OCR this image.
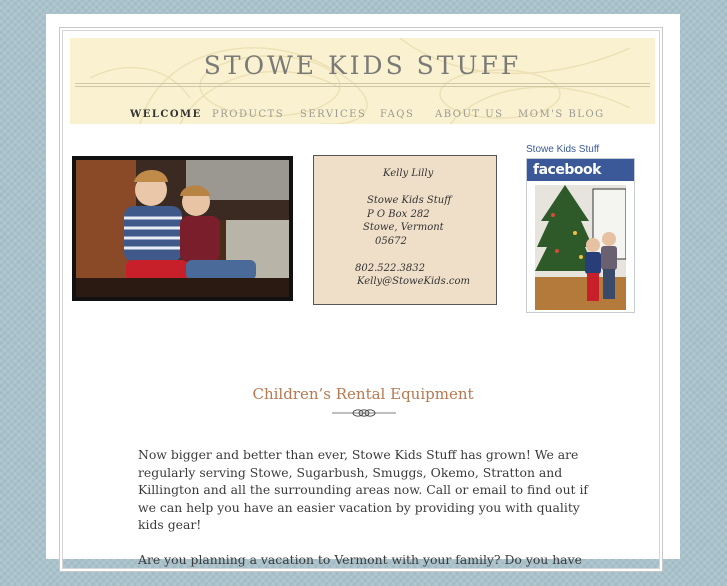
STOWE KIDS STUFF
WELCOME PRODUCTS SERVICES FAQS ABOUT US MOM'S BLOG
Kelly Lilly
Stowe Kids Stuff
P O Box 282
Stowe, Vermont
05672
802.522.3832
Kelly@StoweKids.com
Stowe Kids Stuff
facebook
Children’s Rental Equipment

Now bigger and better than ever, Stowe Kids Stuff has grown! We are regularly serving Stowe, Sugarbush, Smuggs, Okemo, Stratton and Killington and all the surrounding areas now. Call or email to find out if we can help you have an easier vacation by providing you with quality kids gear!

Are you planning a vacation to Vermont with your family? Do you have
